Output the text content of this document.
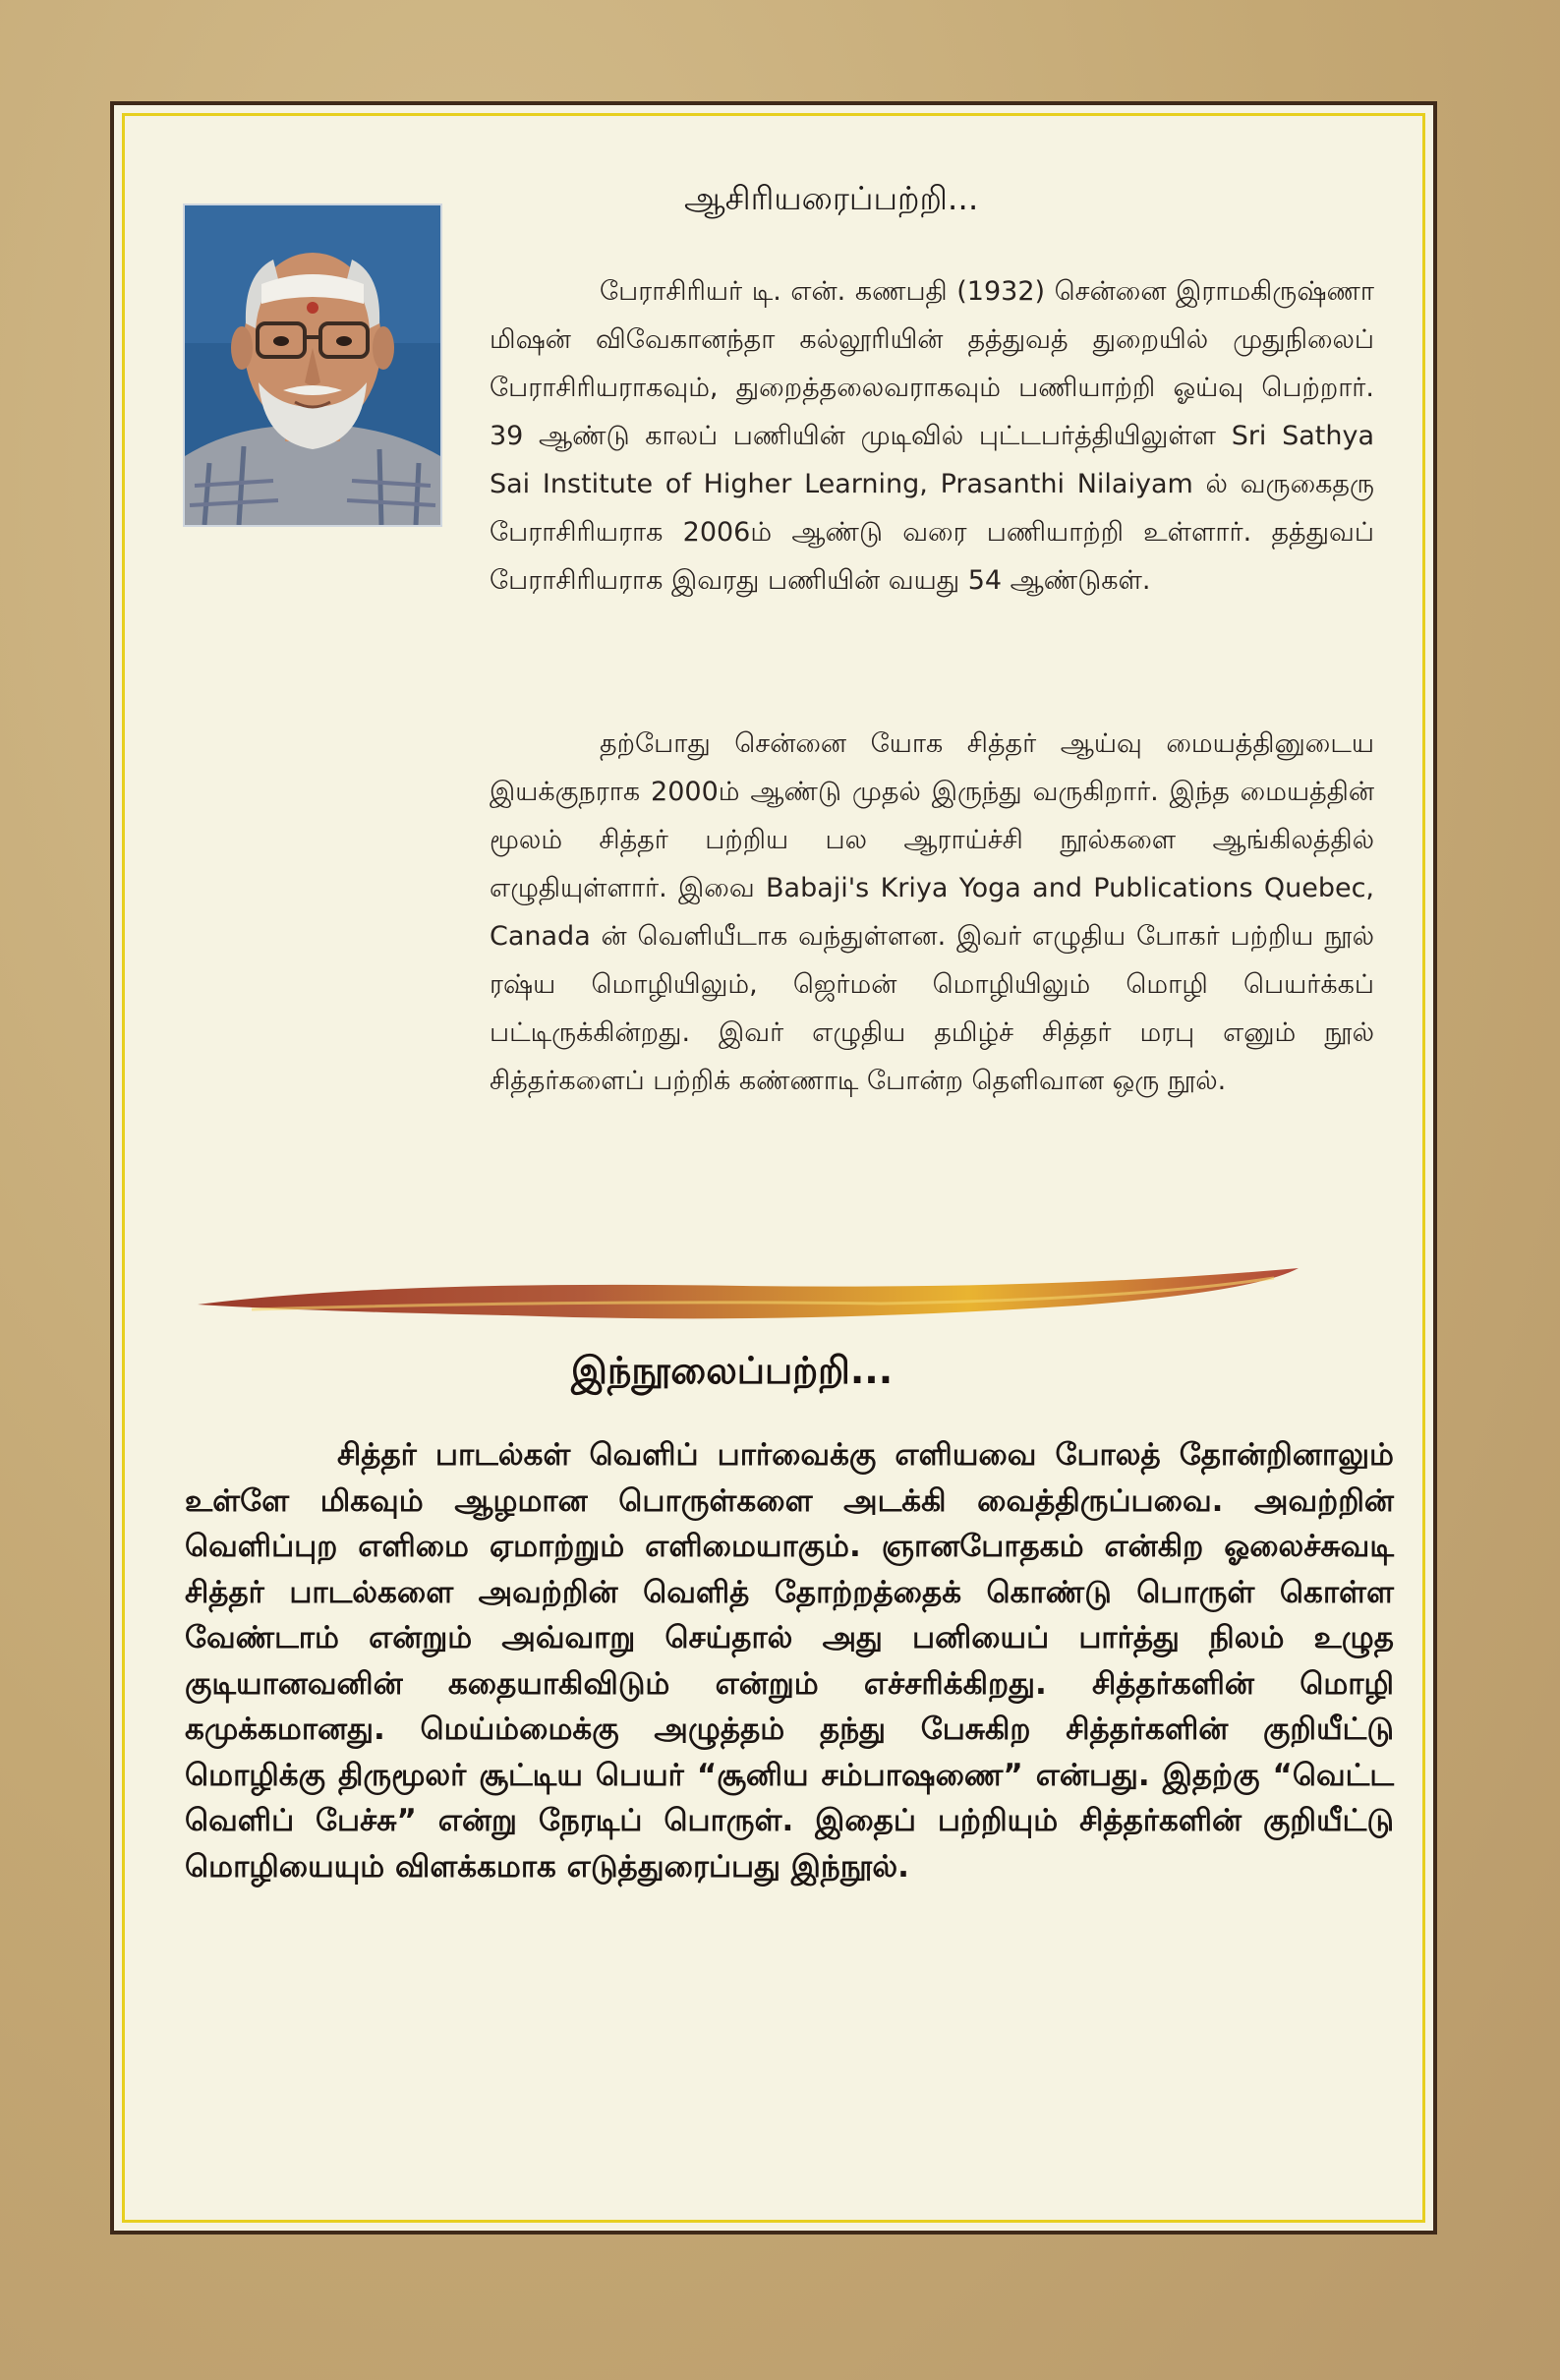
ஆசிரியரைப்பற்றி...

பேராசிரியர் டி. என். கணபதி (1932) சென்னை இராமகிருஷ்ணா மிஷன் விவேகானந்தா கல்லூரியின் தத்துவத் துறையில் முதுநிலைப் பேராசிரியராகவும், துறைத்தலைவராகவும் பணியாற்றி ஓய்வு பெற்றார். 39 ஆண்டு காலப் பணியின் முடிவில் புட்டபர்த்தியிலுள்ள Sri Sathya Sai Institute of Higher Learning, Prasanthi Nilaiyam ல் வருகைதரு பேராசிரியராக 2006ம் ஆண்டு வரை பணியாற்றி உள்ளார். தத்துவப் பேராசிரியராக இவரது பணியின் வயது 54 ஆண்டுகள்.

தற்போது சென்னை யோக சித்தர் ஆய்வு மையத்தினுடைய இயக்குநராக 2000ம் ஆண்டு முதல் இருந்து வருகிறார். இந்த மையத்தின் மூலம் சித்தர் பற்றிய பல ஆராய்ச்சி நூல்களை ஆங்கிலத்தில் எழுதியுள்ளார். இவை Babaji's Kriya Yoga and Publications Quebec, Canada ன் வெளியீடாக வந்துள்ளன. இவர் எழுதிய போகர் பற்றிய நூல் ரஷ்ய மொழியிலும், ஜெர்மன் மொழியிலும் மொழி பெயர்க்கப் பட்டிருக்கின்றது. இவர் எழுதிய தமிழ்ச் சித்தர் மரபு எனும் நூல் சித்தர்களைப் பற்றிக் கண்ணாடி போன்ற தெளிவான ஒரு நூல்.

இந்நூலைப்பற்றி...

சித்தர் பாடல்கள் வெளிப் பார்வைக்கு எளியவை போலத் தோன்றினாலும் உள்ளே மிகவும் ஆழமான பொருள்களை அடக்கி வைத்திருப்பவை. அவற்றின் வெளிப்புற எளிமை ஏமாற்றும் எளிமையாகும். ஞானபோதகம் என்கிற ஓலைச்சுவடி சித்தர் பாடல்களை அவற்றின் வெளித் தோற்றத்தைக் கொண்டு பொருள் கொள்ள வேண்டாம் என்றும் அவ்வாறு செய்தால் அது பனியைப் பார்த்து நிலம் உழுத குடியானவனின் கதையாகிவிடும் என்றும் எச்சரிக்கிறது. சித்தர்களின் மொழி கமுக்கமானது. மெய்ம்மைக்கு அழுத்தம் தந்து பேசுகிற சித்தர்களின் குறியீட்டு மொழிக்கு திருமூலர் சூட்டிய பெயர் “சூனிய சம்பாஷணை” என்பது. இதற்கு “வெட்ட வெளிப் பேச்சு” என்று நேரடிப் பொருள். இதைப் பற்றியும் சித்தர்களின் குறியீட்டு மொழியையும் விளக்கமாக எடுத்துரைப்பது இந்நூல்.
